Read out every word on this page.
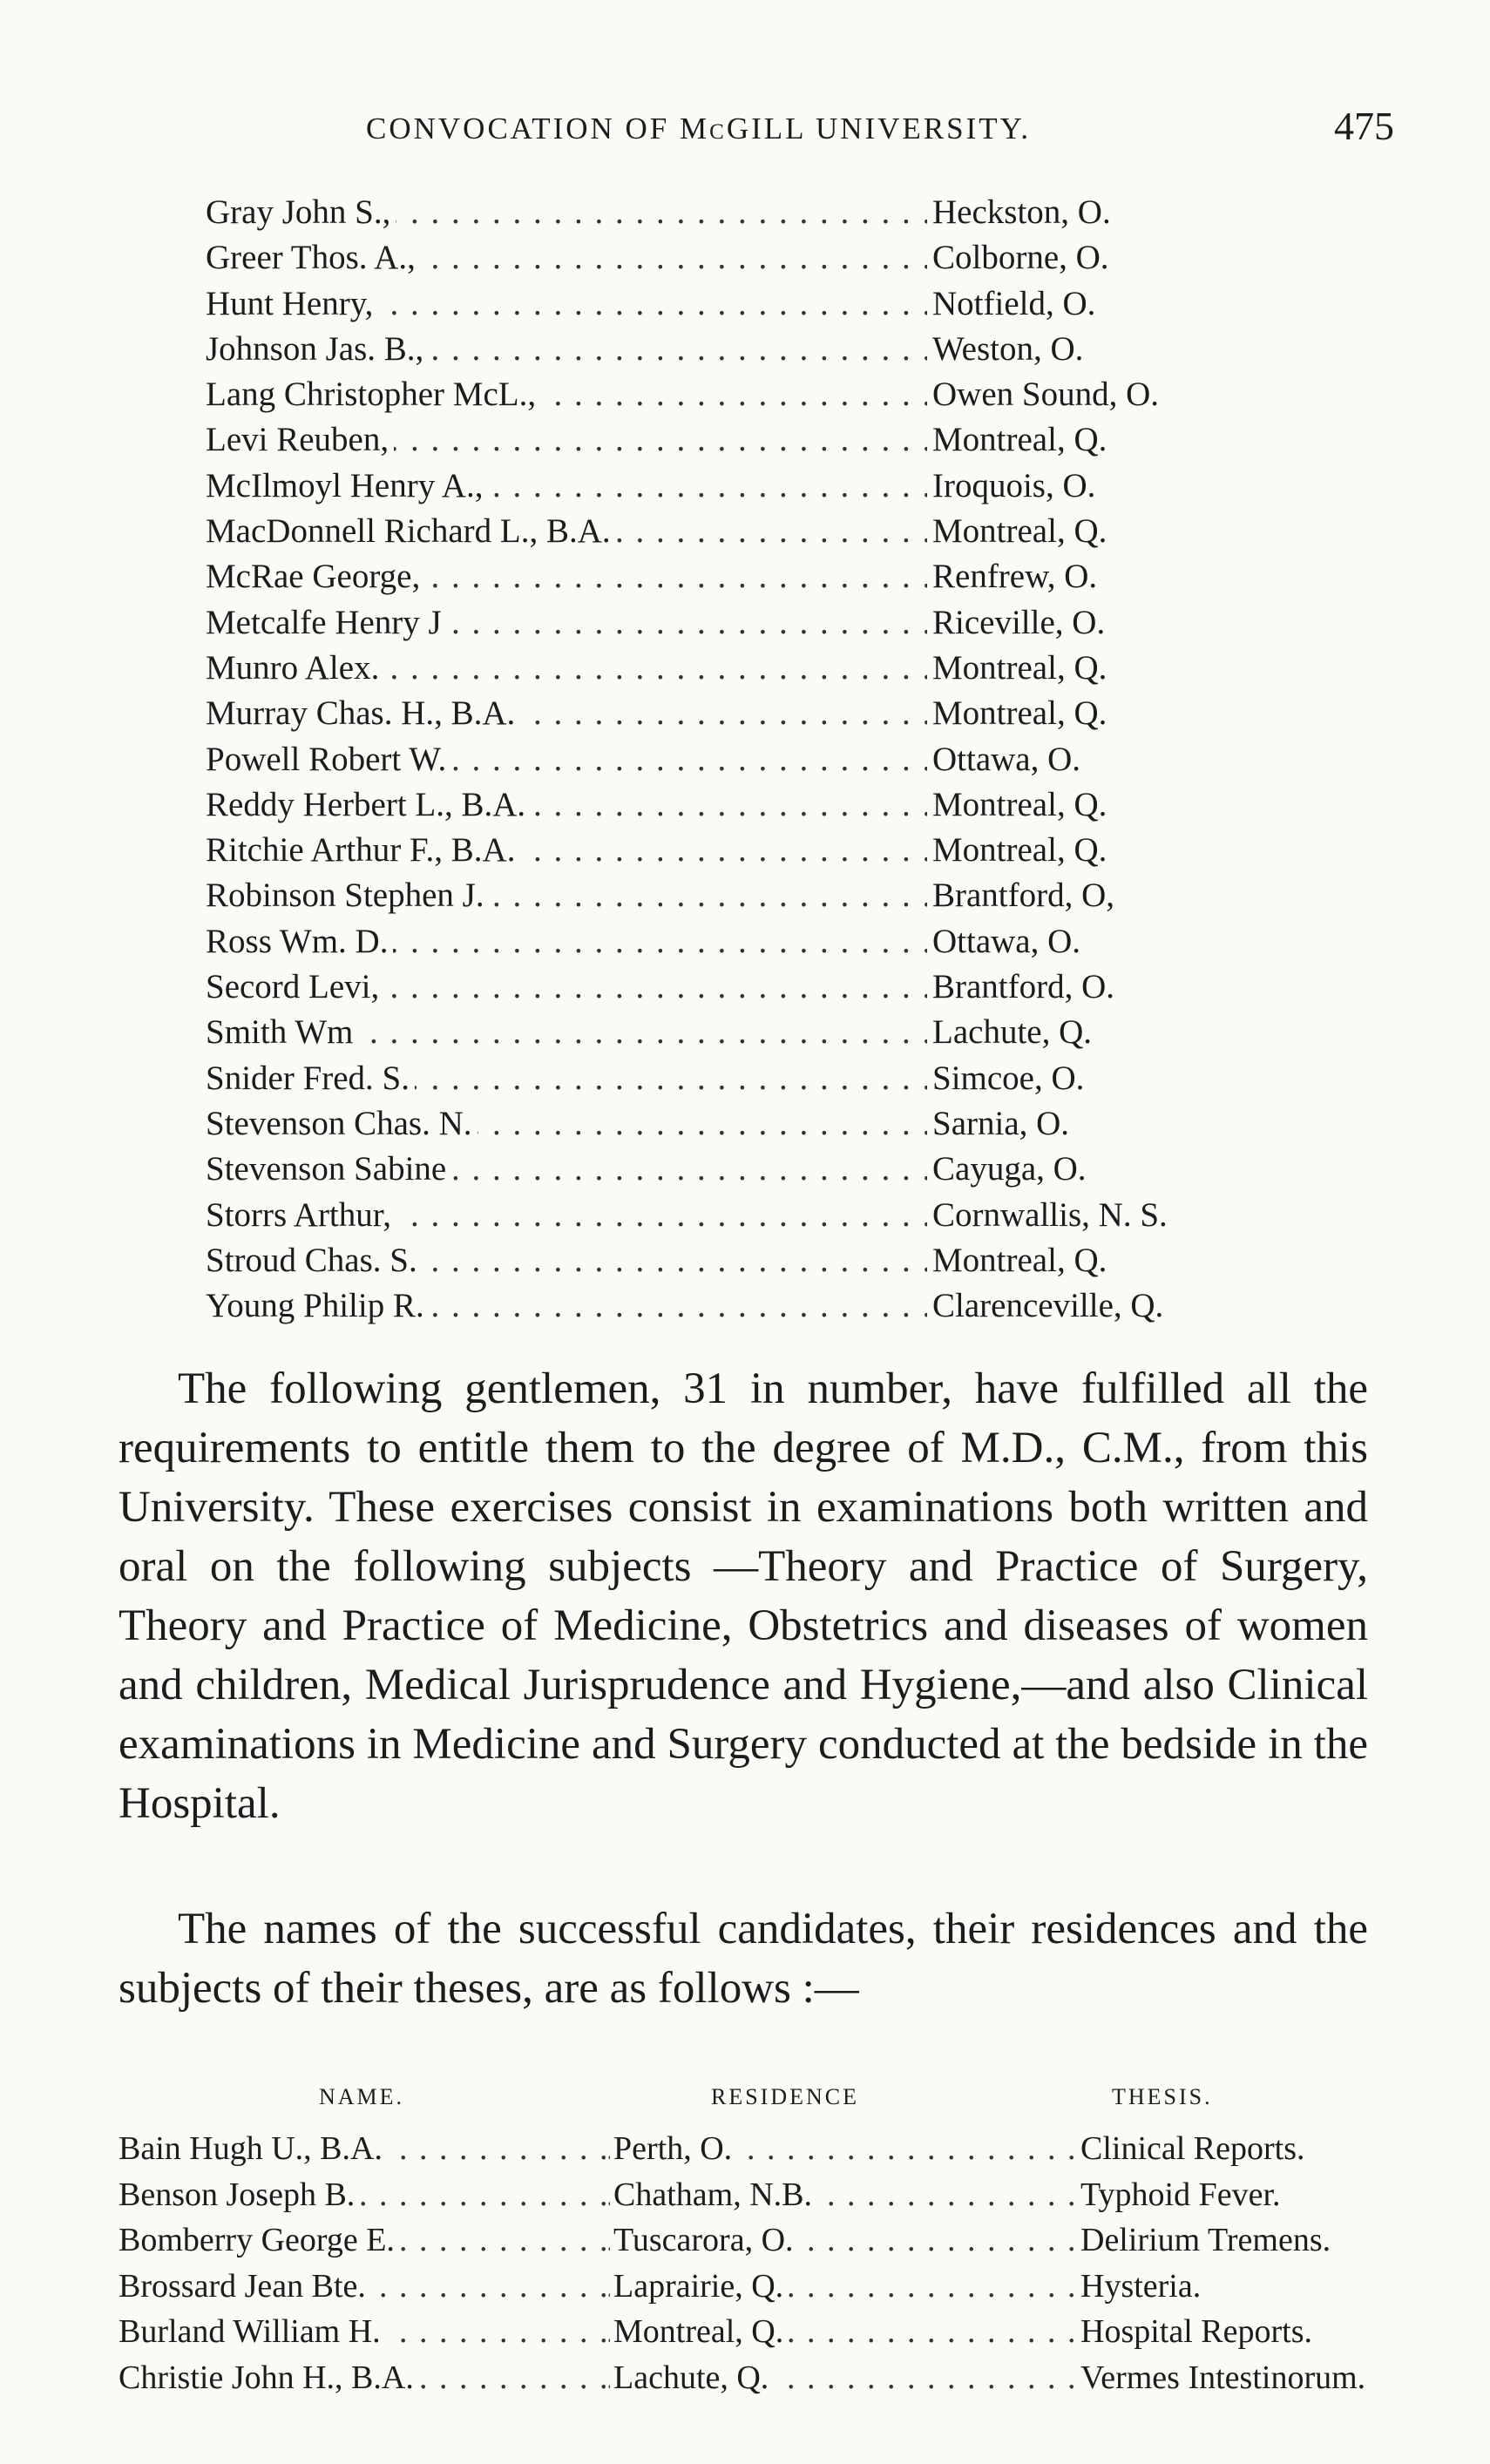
CONVOCATION OF McGILL UNIVERSITY.	475
. . .
Gray John S.,	Heckston, O.
. . .
Greer Thos. A.,	Colborne, O.
. . .
Hunt Henry,	Notfield, O.
. . .
Johnson Jas. B.,	Weston, O.
. . .
Lang Christopher McL.,	Owen Sound, O.
. . .
Levi Reuben,	Montreal, Q.
. . .
McIlmoyl Henry A.,	Iroquois, O.
. . .
MacDonnell Richard L., B.A.	Montreal, Q.
. . .
McRae George,	Renfrew, O.
. . .
Metcalfe Henry J	Riceville, O.
. . .
Munro Alex.	Montreal, Q.
. . .
Murray Chas. H., B.A.	Montreal, Q.
. . .
Powell Robert W.	Ottawa, O.
. . .
Reddy Herbert L., B.A.	Montreal, Q.
. . .
Ritchie Arthur F., B.A.	Montreal, Q.
. . .
Robinson Stephen J.	Brantford, O,
. . .
Ross Wm. D.	Ottawa, O.
. . .
Secord Levi,	Brantford, O.
. . .
Smith Wm	Lachute, Q.
. . .
Snider Fred. S.	Simcoe, O.
. . .
Stevenson Chas. N.	Sarnia, O.
. . .
Stevenson Sabine	Cayuga, O.
. . .
Storrs Arthur,	Cornwallis, N. S.
. . .
Stroud Chas. S.	Montreal, Q.
. . .
Young Philip R.	Clarenceville, Q.

The following gentlemen, 31 in number, have fulfilled all the requirements to entitle them to the degree of M.D., C.M., from this University. These exercises consist in examinations both written and oral on the following subjects —Theory and Practice of Surgery, Theory and Practice of Medicine, Obstetrics and diseases of women and children, Medical Jurisprudence and Hygiene,—and also Clinical examinations in Medicine and Surgery conducted at the bedside in the Hospital.

The names of the successful candidates, their residences and the subjects of their theses, are as follows :—

NAME.	RESIDENCE	THESIS.
. . .
. . .
Bain Hugh U., B.A.	Perth, O.	Clinical Reports.
. . .
. . .
Benson Joseph B.	Chatham, N.B.	Typhoid Fever.
. . .
. . .
Bomberry George E.	Tuscarora, O.	Delirium Tremens.
. . .
. . .
Brossard Jean Bte.	Laprairie, Q.	Hysteria.
. . .
. . .
Burland William H.	Montreal, Q.	Hospital Reports.
. . .
. . .
Christie John H., B.A.	Lachute, Q.	Vermes Intestinorum.
